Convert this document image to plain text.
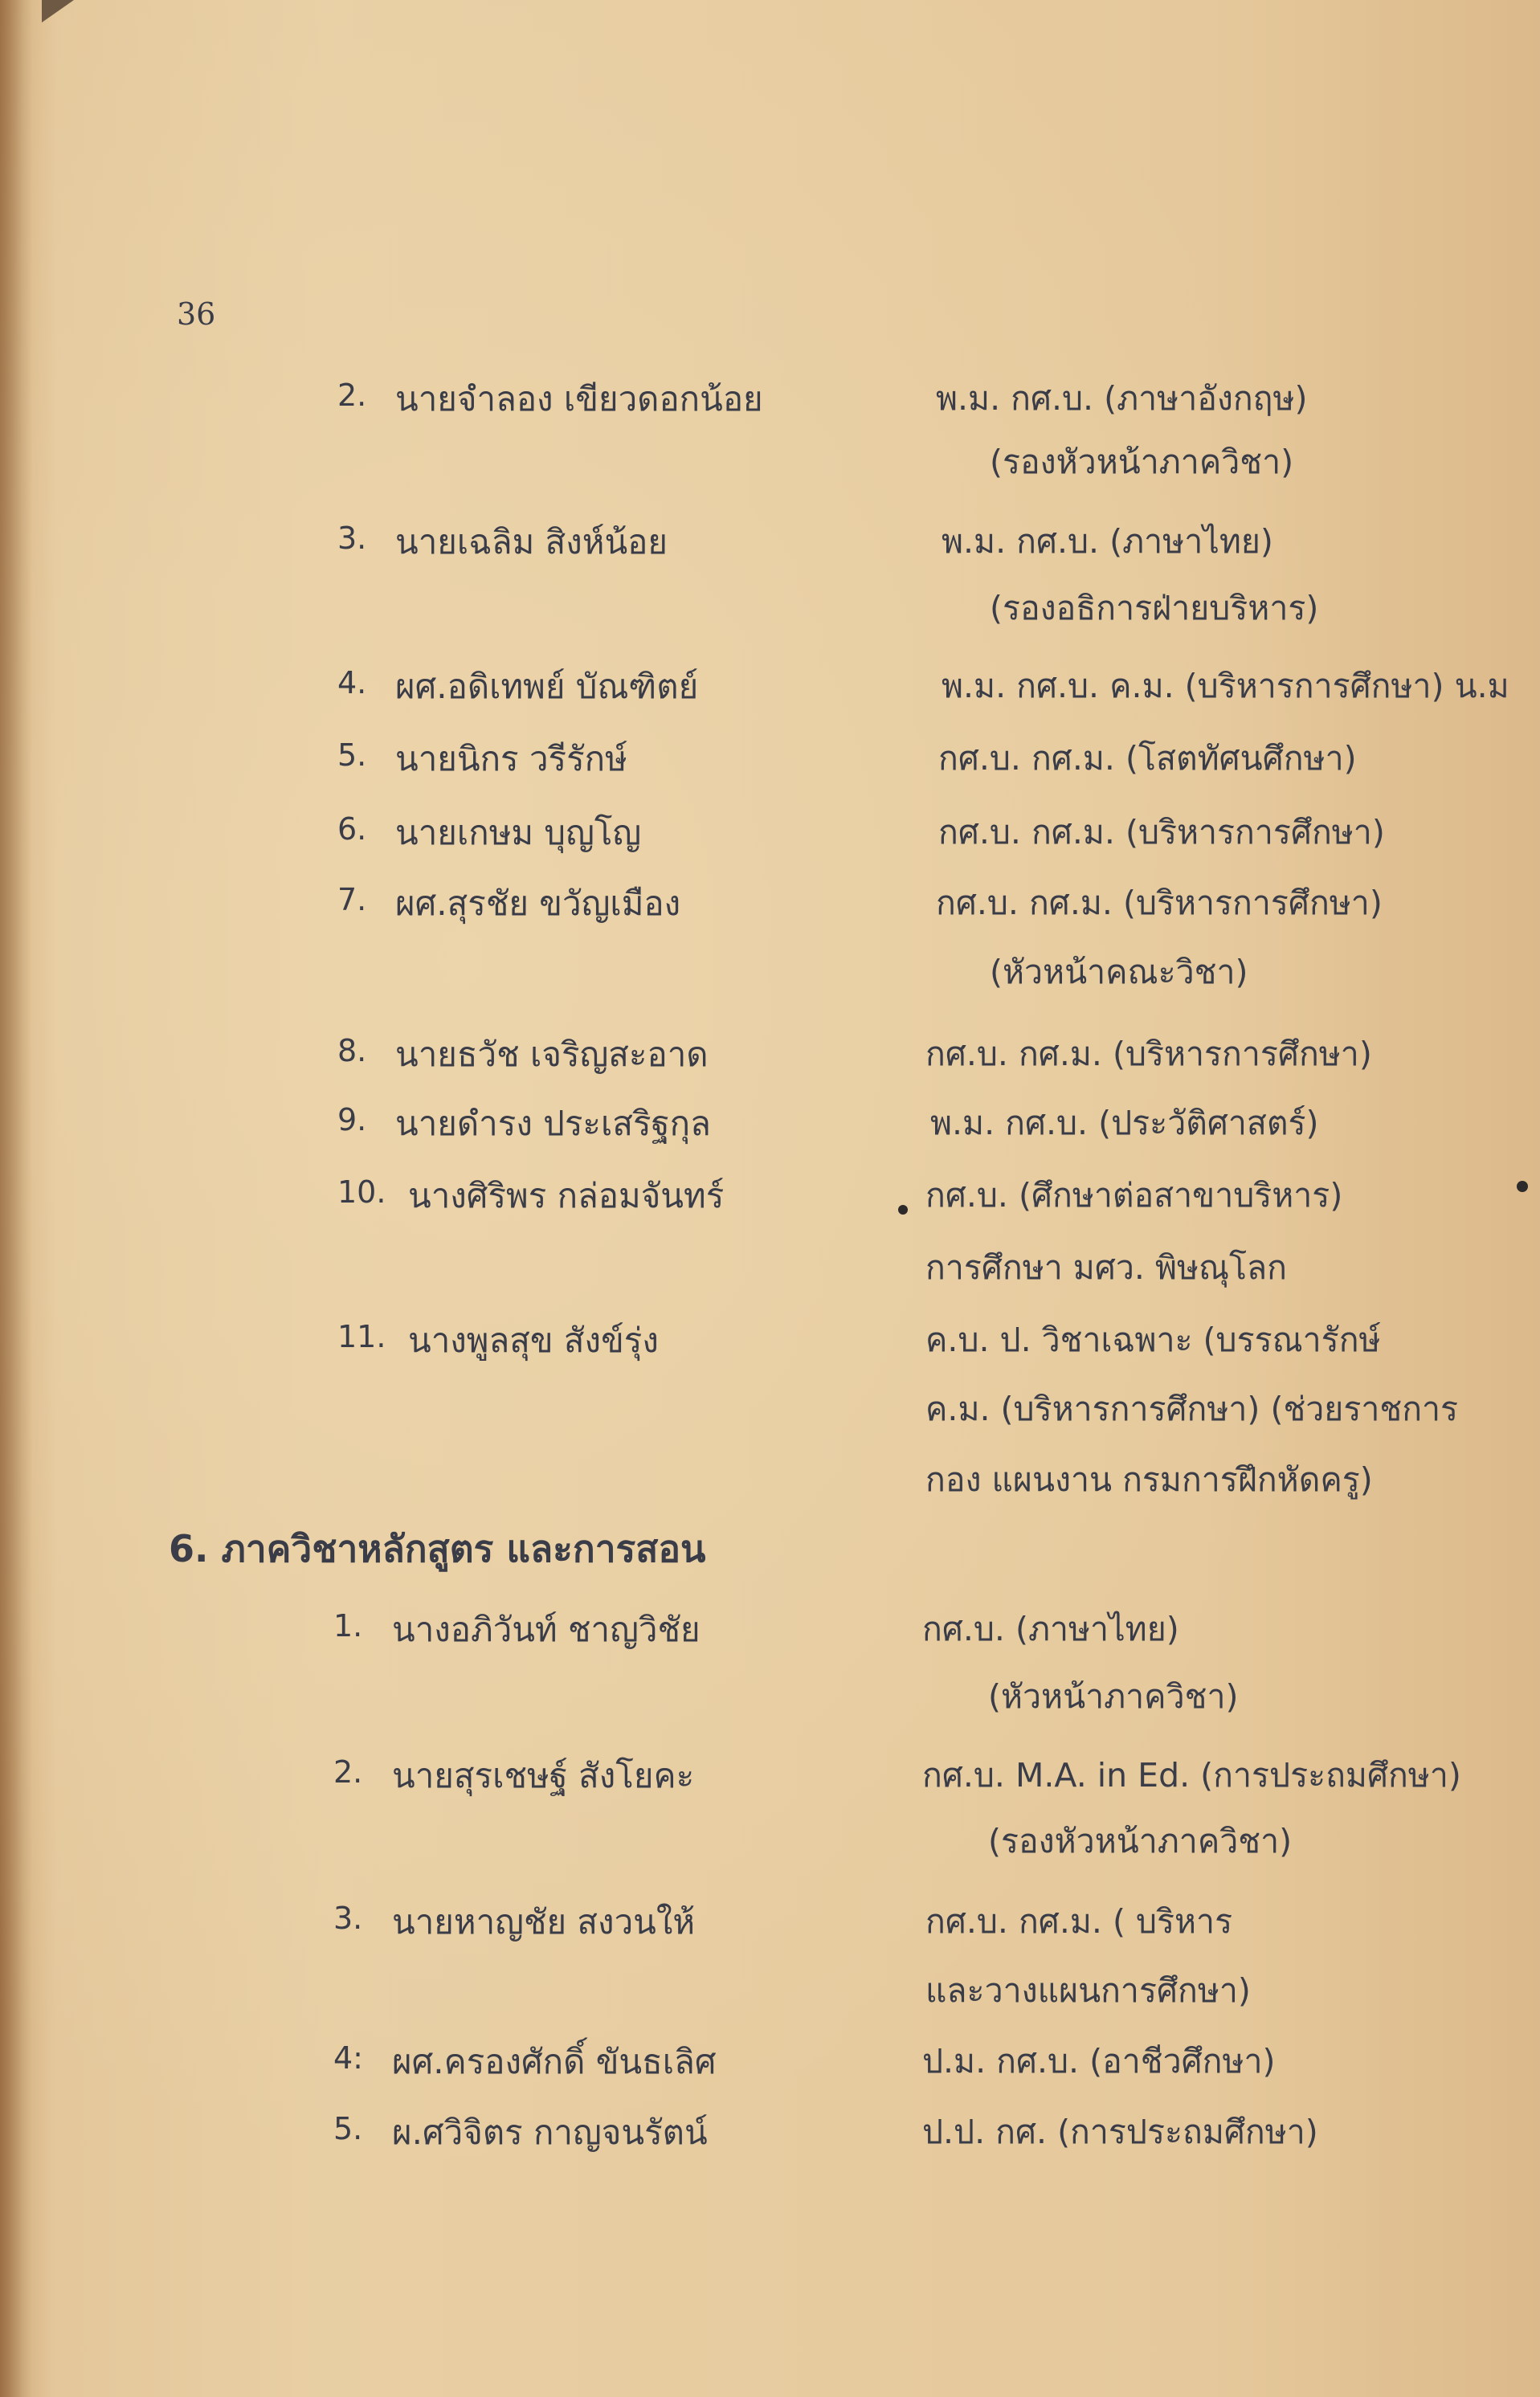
36
2. นายจำลอง เขียวดอกน้อย	พ.ม. กศ.บ. (ภาษาอังกฤษ)
(รองหัวหน้าภาควิชา)
3. นายเฉลิม สิงห์น้อย	พ.ม. กศ.บ. (ภาษาไทย)
(รองอธิการฝ่ายบริหาร)
4. ผศ.อดิเทพย์ บัณฑิตย์	พ.ม. กศ.บ. ค.ม. (บริหารการศึกษา) น.ม
5. นายนิกร วรีรักษ์	กศ.บ. กศ.ม. (โสตทัศนศึกษา)
6. นายเกษม บุญโญ	กศ.บ. กศ.ม. (บริหารการศึกษา)
7. ผศ.สุรชัย ขวัญเมือง	กศ.บ. กศ.ม. (บริหารการศึกษา)
(หัวหน้าคณะวิชา)
8. นายธวัช เจริญสะอาด	กศ.บ. กศ.ม. (บริหารการศึกษา)
9. นายดำรง ประเสริฐกุล	พ.ม. กศ.บ. (ประวัติศาสตร์)
10. นางศิริพร กล่อมจันทร์	กศ.บ. (ศึกษาต่อสาขาบริหาร)
การศึกษา มศว. พิษณุโลก
11. นางพูลสุข สังข์รุ่ง	ค.บ. ป. วิชาเฉพาะ (บรรณารักษ์
ค.ม. (บริหารการศึกษา) (ช่วยราชการ
กอง แผนงาน กรมการฝึกหัดครู)
6. ภาควิชาหลักสูตร และการสอน
1. นางอภิวันท์ ชาญวิชัย	กศ.บ. (ภาษาไทย)
(หัวหน้าภาควิชา)
2. นายสุรเชษฐ์ สังโยคะ	กศ.บ. M.A. in Ed. (การประถมศึกษา)
(รองหัวหน้าภาควิชา)
3. นายหาญชัย สงวนให้	กศ.บ. กศ.ม. ( บริหาร
และวางแผนการศึกษา)
4: ผศ.ครองศักดิ์ ขันธเลิศ	ป.ม. กศ.บ. (อาชีวศึกษา)
5. ผ.ศวิจิตร กาญจนรัตน์	ป.ป. กศ. (การประถมศึกษา)
